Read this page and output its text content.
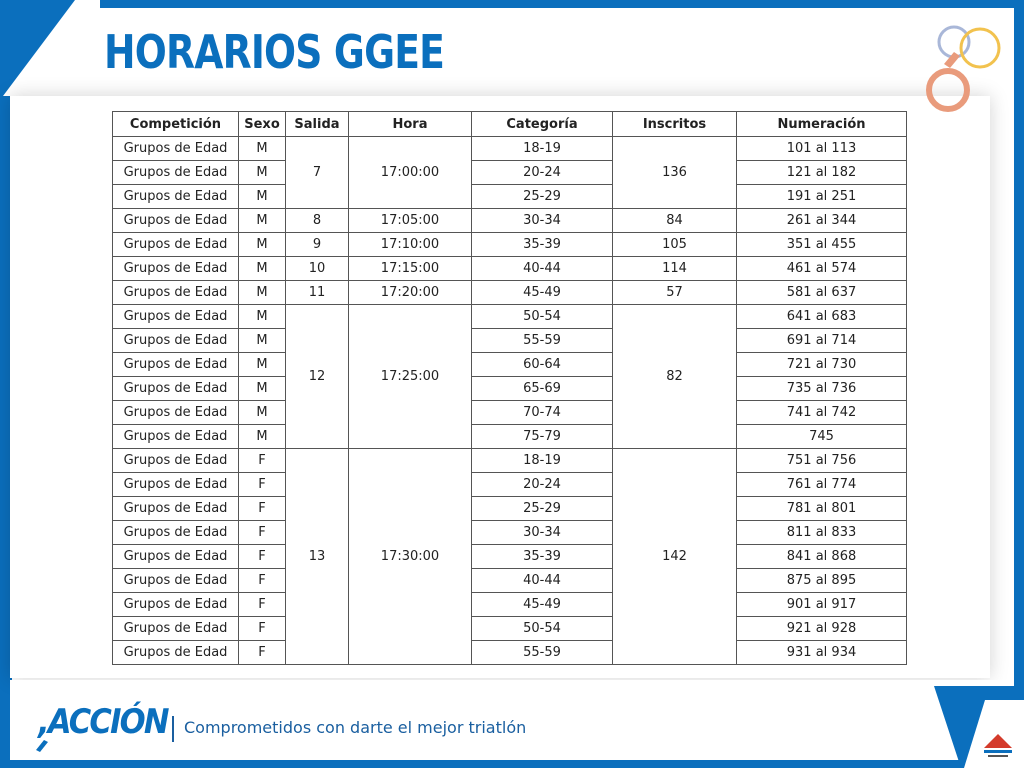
HORARIOS GGEE
Competición	Sexo	Salida	Hora	Categoría	Inscritos	Numeración
Grupos de Edad	M	7	17:00:00	18-19	136	101 al 113
Grupos de Edad	M			20-24		121 al 182
Grupos de Edad	M			25-29		191 al 251
Grupos de Edad	M	8	17:05:00	30-34	84	261 al 344
Grupos de Edad	M	9	17:10:00	35-39	105	351 al 455
Grupos de Edad	M	10	17:15:00	40-44	114	461 al 574
Grupos de Edad	M	11	17:20:00	45-49	57	581 al 637
Grupos de Edad	M	12	17:25:00	50-54	82	641 al 683
Grupos de Edad	M			55-59		691 al 714
Grupos de Edad	M			60-64		721 al 730
Grupos de Edad	M			65-69		735 al 736
Grupos de Edad	M			70-74		741 al 742
Grupos de Edad	M			75-79		745
Grupos de Edad	F	13	17:30:00	18-19	142	751 al 756
Grupos de Edad	F			20-24		761 al 774
Grupos de Edad	F			25-29		781 al 801
Grupos de Edad	F			30-34		811 al 833
Grupos de Edad	F			35-39		841 al 868
Grupos de Edad	F			40-44		875 al 895
Grupos de Edad	F			45-49		901 al 917
Grupos de Edad	F			50-54		921 al 928
Grupos de Edad	F			55-59		931 al 934
,ACCIÓN	Comprometidos con darte el mejor triatlón
